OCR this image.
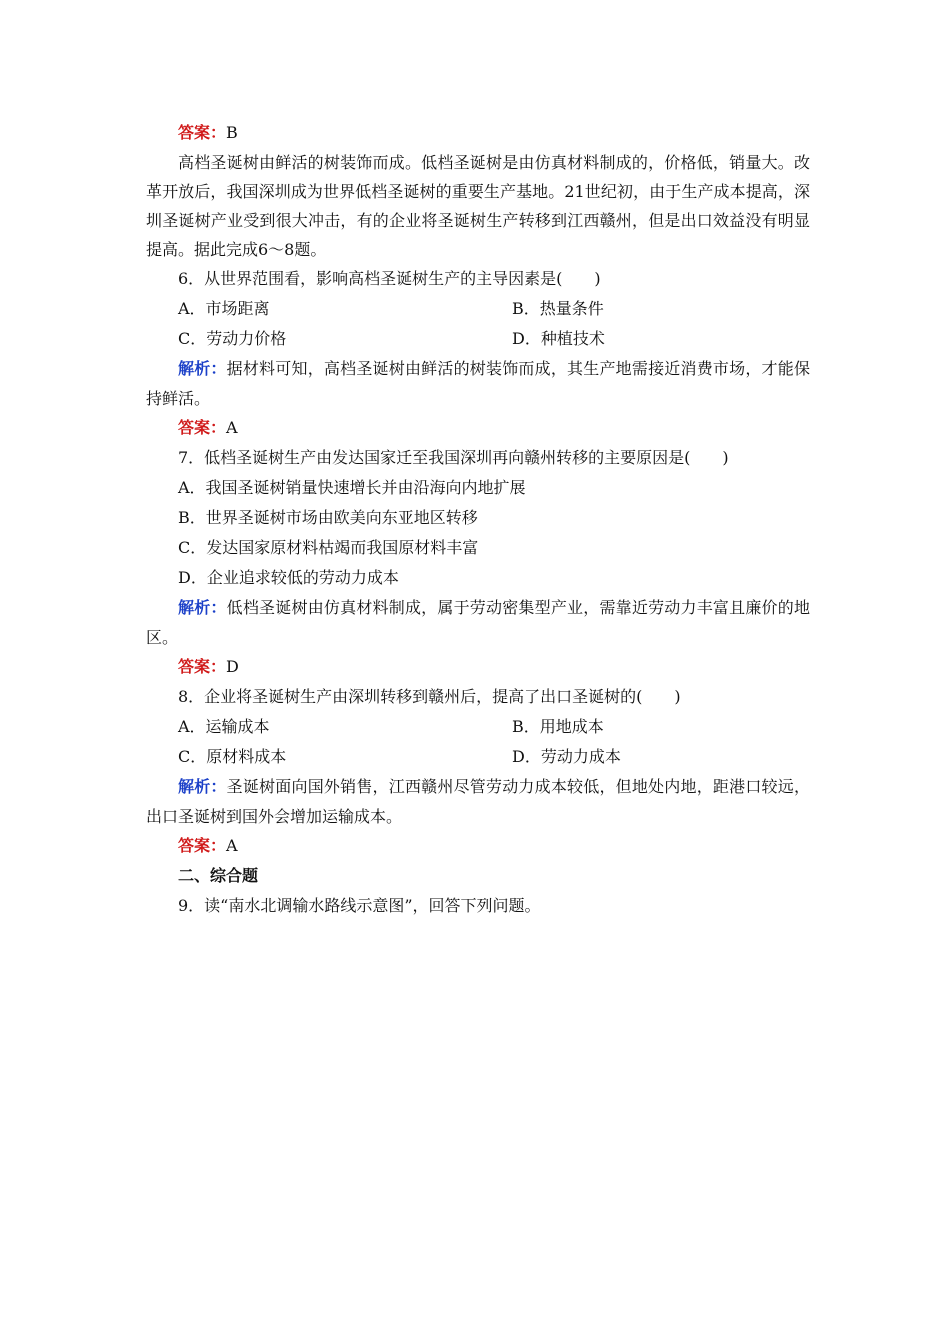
答案：B

高档圣诞树由鲜活的树装饰而成。低档圣诞树是由仿真材料制成的，价格低，销量大。改革开放后，我国深圳成为世界低档圣诞树的重要生产基地。21世纪初，由于生产成本提高，深圳圣诞树产业受到很大冲击，有的企业将圣诞树生产转移到江西赣州，但是出口效益没有明显提高。据此完成6～8题。

6．从世界范围看，影响高档圣诞树生产的主导因素是(　　)
A．市场距离	B．热量条件
C．劳动力价格	D．种植技术

解析：据材料可知，高档圣诞树由鲜活的树装饰而成，其生产地需接近消费市场，才能保持鲜活。

答案：A
7．低档圣诞树生产由发达国家迁至我国深圳再向赣州转移的主要原因是(　　)
A．我国圣诞树销量快速增长并由沿海向内地扩展
B．世界圣诞树市场由欧美向东亚地区转移
C．发达国家原材料枯竭而我国原材料丰富
D．企业追求较低的劳动力成本

解析：低档圣诞树由仿真材料制成，属于劳动密集型产业，需靠近劳动力丰富且廉价的地区。

答案：D
8．企业将圣诞树生产由深圳转移到赣州后，提高了出口圣诞树的(　　)
A．运输成本	B．用地成本
C．原材料成本	D．劳动力成本

解析：圣诞树面向国外销售，江西赣州尽管劳动力成本较低，但地处内地，距港口较远，出口圣诞树到国外会增加运输成本。

答案：A
二、综合题
9．读“南水北调输水路线示意图”，回答下列问题。
